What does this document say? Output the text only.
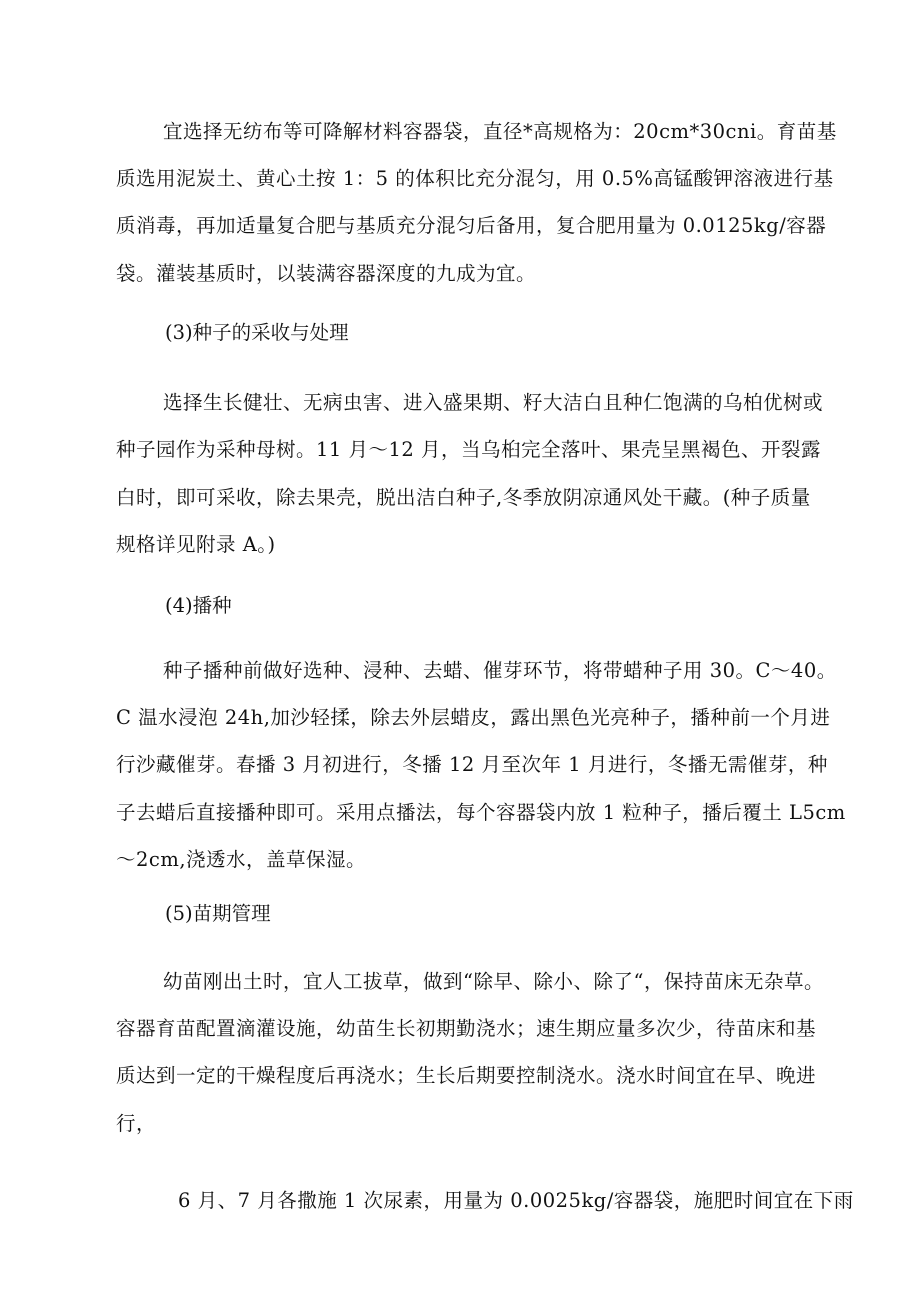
宜选择无纺布等可降解材料容器袋，直径*高规格为：20cm*30cni。育苗基
质选用泥炭土、黄心土按 1：5 的体积比充分混匀，用 0.5%高锰酸钾溶液进行基
质消毒，再加适量复合肥与基质充分混匀后备用，复合肥用量为 0.0125kg/容器
袋。灌装基质时，以装满容器深度的九成为宜。
(3)种子的采收与处理
选择生长健壮、无病虫害、进入盛果期、籽大洁白且种仁饱满的乌柏优树或
种子园作为采种母树。11 月～12 月，当乌桕完全落叶、果壳呈黑褐色、开裂露
白时，即可采收，除去果壳，脱出洁白种子,冬季放阴凉通风处干藏。(种子质量
规格详见附录 A。)
(4)播种
种子播种前做好选种、浸种、去蜡、催芽环节，将带蜡种子用 30。C～40。
C 温水浸泡 24h,加沙轻揉，除去外层蜡皮，露出黑色光亮种子，播种前一个月进
行沙藏催芽。春播 3 月初进行，冬播 12 月至次年 1 月进行，冬播无需催芽，种
子去蜡后直接播种即可。采用点播法，每个容器袋内放 1 粒种子，播后覆土 L5cm
～2cm,浇透水，盖草保湿。
(5)苗期管理
幼苗刚出土时，宜人工拔草，做到“除早、除小、除了“，保持苗床无杂草。
容器育苗配置滴灌设施，幼苗生长初期勤浇水；速生期应量多次少，待苗床和基
质达到一定的干燥程度后再浇水；生长后期要控制浇水。浇水时间宜在早、晚进
行，
6 月、7 月各撒施 1 次尿素，用量为 0.0025kg/容器袋，施肥时间宜在下雨
